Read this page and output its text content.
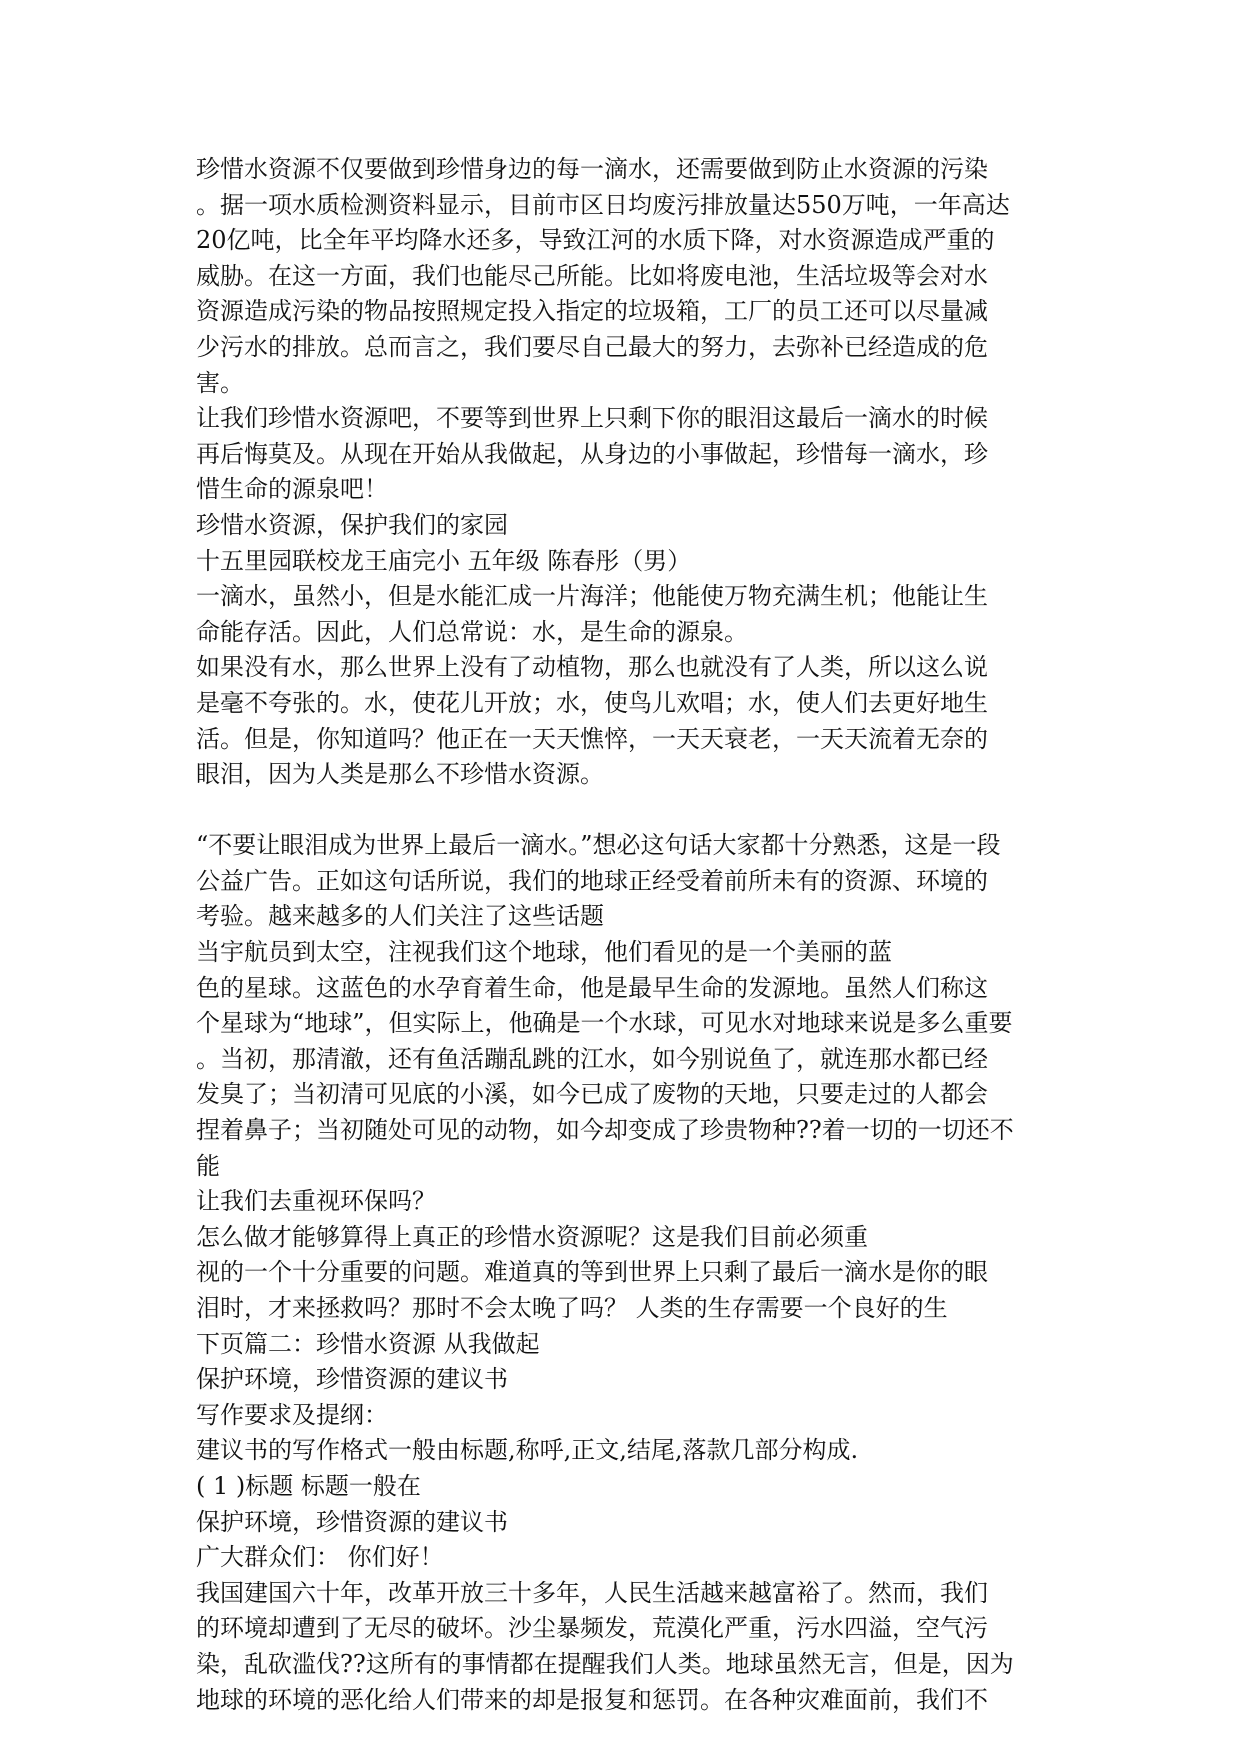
珍惜水资源不仅要做到珍惜身边的每一滴水，还需要做到防止水资源的污染
。据一项水质检测资料显示，目前市区日均废污排放量达550万吨，一年高达
20亿吨，比全年平均降水还多，导致江河的水质下降，对水资源造成严重的
威胁。在这一方面，我们也能尽己所能。比如将废电池，生活垃圾等会对水
资源造成污染的物品按照规定投入指定的垃圾箱，工厂的员工还可以尽量减
少污水的排放。总而言之，我们要尽自己最大的努力，去弥补已经造成的危
害。
让我们珍惜水资源吧，不要等到世界上只剩下你的眼泪这最后一滴水的时候
再后悔莫及。从现在开始从我做起，从身边的小事做起，珍惜每一滴水，珍
惜生命的源泉吧！
珍惜水资源，保护我们的家园
十五里园联校龙王庙完小 五年级 陈春彤（男）
一滴水，虽然小，但是水能汇成一片海洋；他能使万物充满生机；他能让生
命能存活。因此，人们总常说：水，是生命的源泉。
如果没有水，那么世界上没有了动植物，那么也就没有了人类，所以这么说
是毫不夸张的。水，使花儿开放；水，使鸟儿欢唱；水，使人们去更好地生
活。但是，你知道吗？他正在一天天憔悴，一天天衰老，一天天流着无奈的
眼泪，因为人类是那么不珍惜水资源。
“不要让眼泪成为世界上最后一滴水。”想必这句话大家都十分熟悉，这是一段
公益广告。正如这句话所说，我们的地球正经受着前所未有的资源、环境的
考验。越来越多的人们关注了这些话题
当宇航员到太空，注视我们这个地球，他们看见的是一个美丽的蓝
色的星球。这蓝色的水孕育着生命，他是最早生命的发源地。虽然人们称这
个星球为“地球”，但实际上，他确是一个水球，可见水对地球来说是多么重要
。当初，那清澈，还有鱼活蹦乱跳的江水，如今别说鱼了，就连那水都已经
发臭了；当初清可见底的小溪，如今已成了废物的天地，只要走过的人都会
捏着鼻子；当初随处可见的动物，如今却变成了珍贵物种??着一切的一切还不
能
让我们去重视环保吗？
怎么做才能够算得上真正的珍惜水资源呢？这是我们目前必须重
视的一个十分重要的问题。难道真的等到世界上只剩了最后一滴水是你的眼
泪时，才来拯救吗？那时不会太晚了吗？ 人类的生存需要一个良好的生
下页篇二：珍惜水资源 从我做起
保护环境，珍惜资源的建议书
写作要求及提纲：
建议书的写作格式一般由标题,称呼,正文,结尾,落款几部分构成.
( 1 )标题 标题一般在
保护环境，珍惜资源的建议书
广大群众们： 你们好！
我国建国六十年，改革开放三十多年，人民生活越来越富裕了。然而，我们
的环境却遭到了无尽的破坏。沙尘暴频发，荒漠化严重，污水四溢，空气污
染，乱砍滥伐??这所有的事情都在提醒我们人类。地球虽然无言，但是，因为
地球的环境的恶化给人们带来的却是报复和惩罚。在各种灾难面前，我们不
